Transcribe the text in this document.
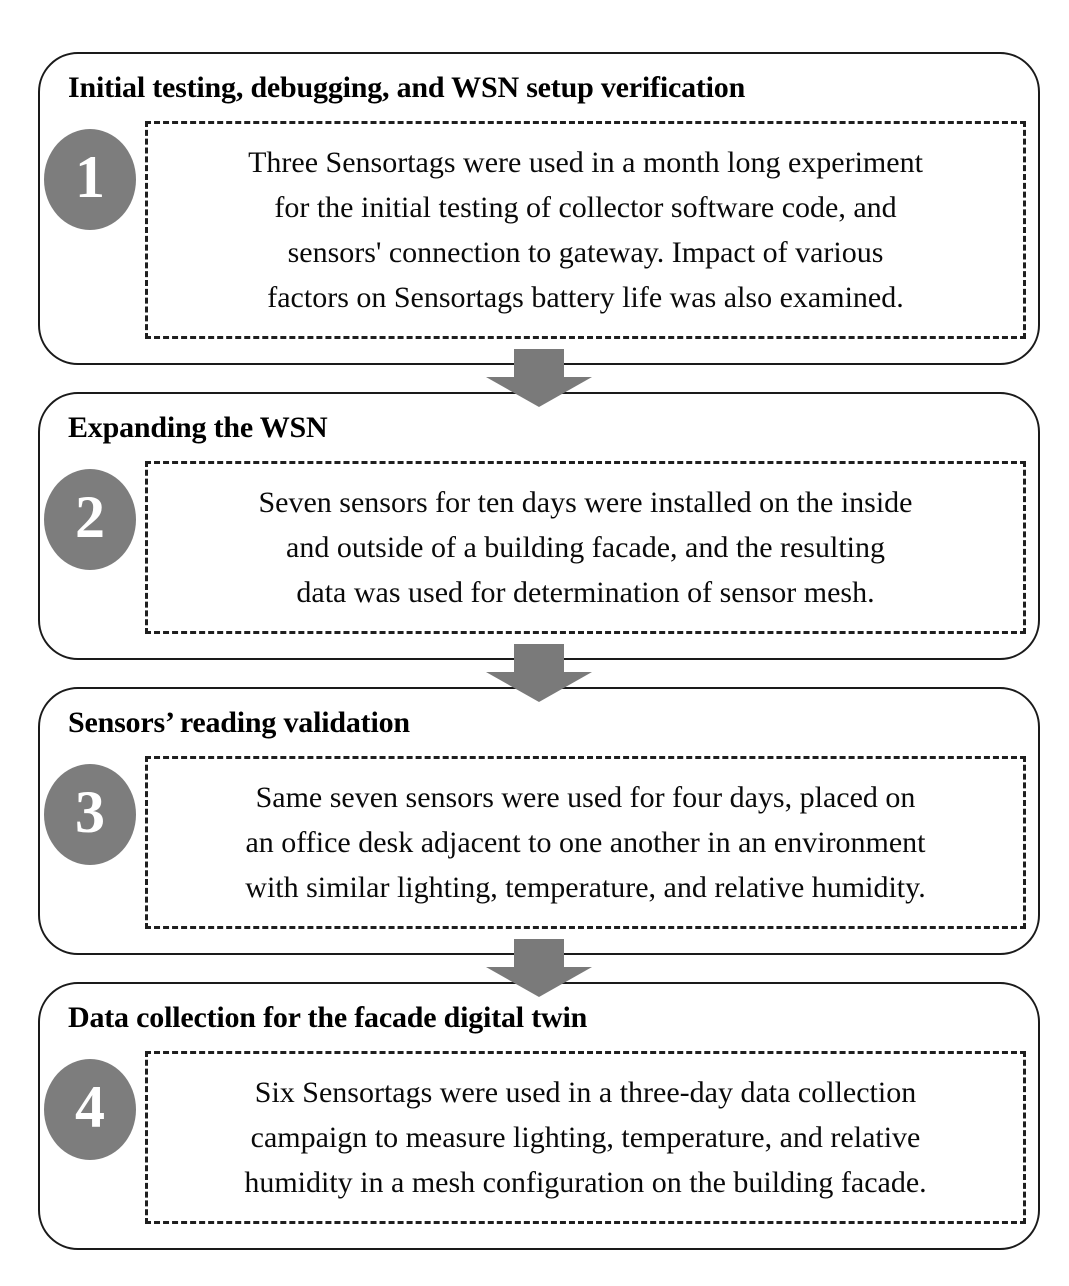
Initial testing, debugging, and WSN setup verification
1	Three Sensortags were used in a month long experiment for the initial testing of collector software code, and sensors' connection to gateway. Impact of various factors on Sensortags battery life was also examined.

Expanding the WSN
2	Seven sensors for ten days were installed on the inside and outside of a building facade, and the resulting data was used for determination of sensor mesh.

Sensors’ reading validation
3	Same seven sensors were used for four days, placed on an office desk adjacent to one another in an environment with similar lighting, temperature, and relative humidity.

Data collection for the facade digital twin
4	Six Sensortags were used in a three-day data collection campaign to measure lighting, temperature, and relative humidity in a mesh configuration on the building facade.
